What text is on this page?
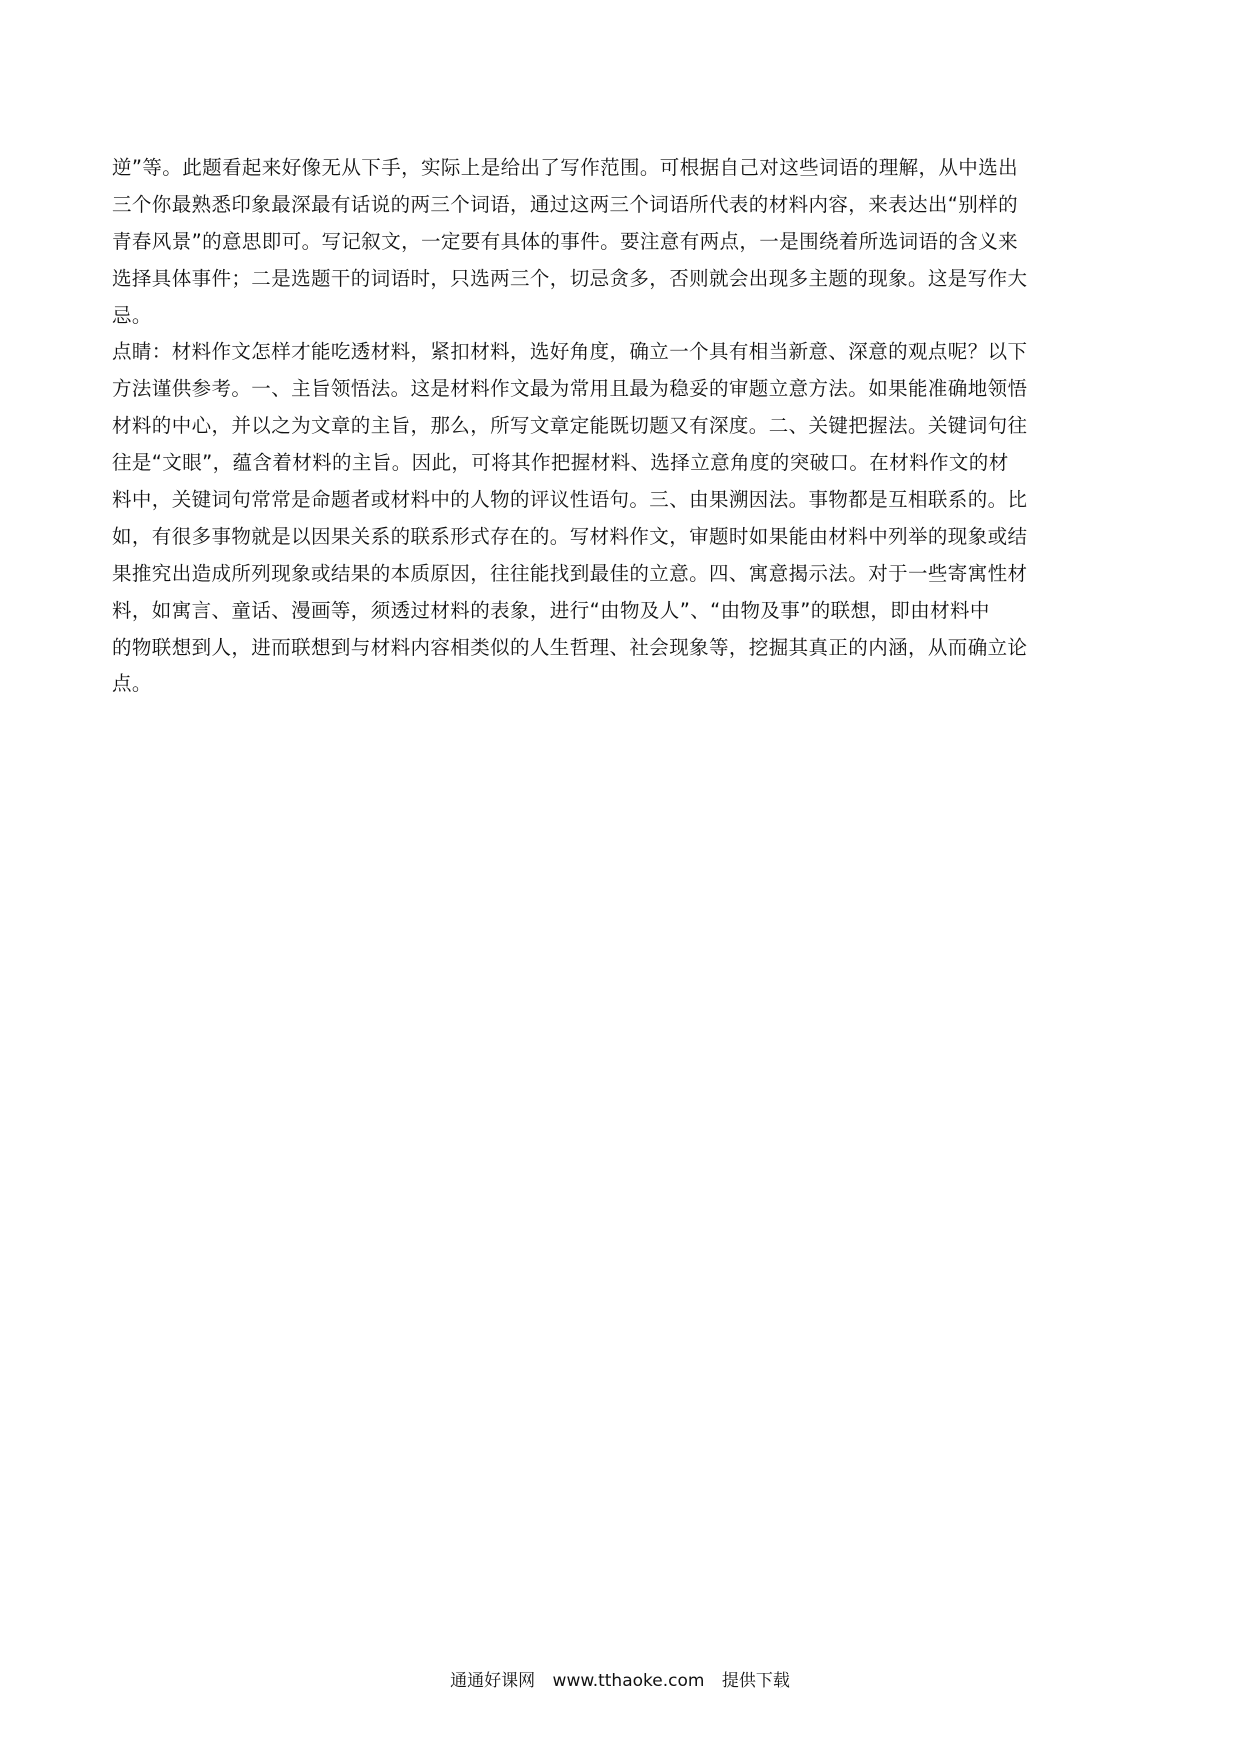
逆”等。此题看起来好像无从下手，实际上是给出了写作范围。可根据自己对这些词语的理解，从中选出
三个你最熟悉印象最深最有话说的两三个词语，通过这两三个词语所代表的材料内容，来表达出“别样的
青春风景”的意思即可。写记叙文，一定要有具体的事件。要注意有两点，一是围绕着所选词语的含义来
选择具体事件；二是选题干的词语时，只选两三个，切忌贪多，否则就会出现多主题的现象。这是写作大
忌。
点睛：材料作文怎样才能吃透材料，紧扣材料，选好角度，确立一个具有相当新意、深意的观点呢？以下
方法谨供参考。一、主旨领悟法。这是材料作文最为常用且最为稳妥的审题立意方法。如果能准确地领悟
材料的中心，并以之为文章的主旨，那么，所写文章定能既切题又有深度。二、关键把握法。关键词句往
往是“文眼”，蕴含着材料的主旨。因此，可将其作把握材料、选择立意角度的突破口。在材料作文的材
料中，关键词句常常是命题者或材料中的人物的评议性语句。三、由果溯因法。事物都是互相联系的。比
如，有很多事物就是以因果关系的联系形式存在的。写材料作文，审题时如果能由材料中列举的现象或结
果推究出造成所列现象或结果的本质原因，往往能找到最佳的立意。四、寓意揭示法。对于一些寄寓性材
料，如寓言、童话、漫画等，须透过材料的表象，进行“由物及人”、“由物及事”的联想，即由材料中
的物联想到人，进而联想到与材料内容相类似的人生哲理、社会现象等，挖掘其真正的内涵，从而确立论
点。
通通好课网 www.tthaoke.com 提供下载
